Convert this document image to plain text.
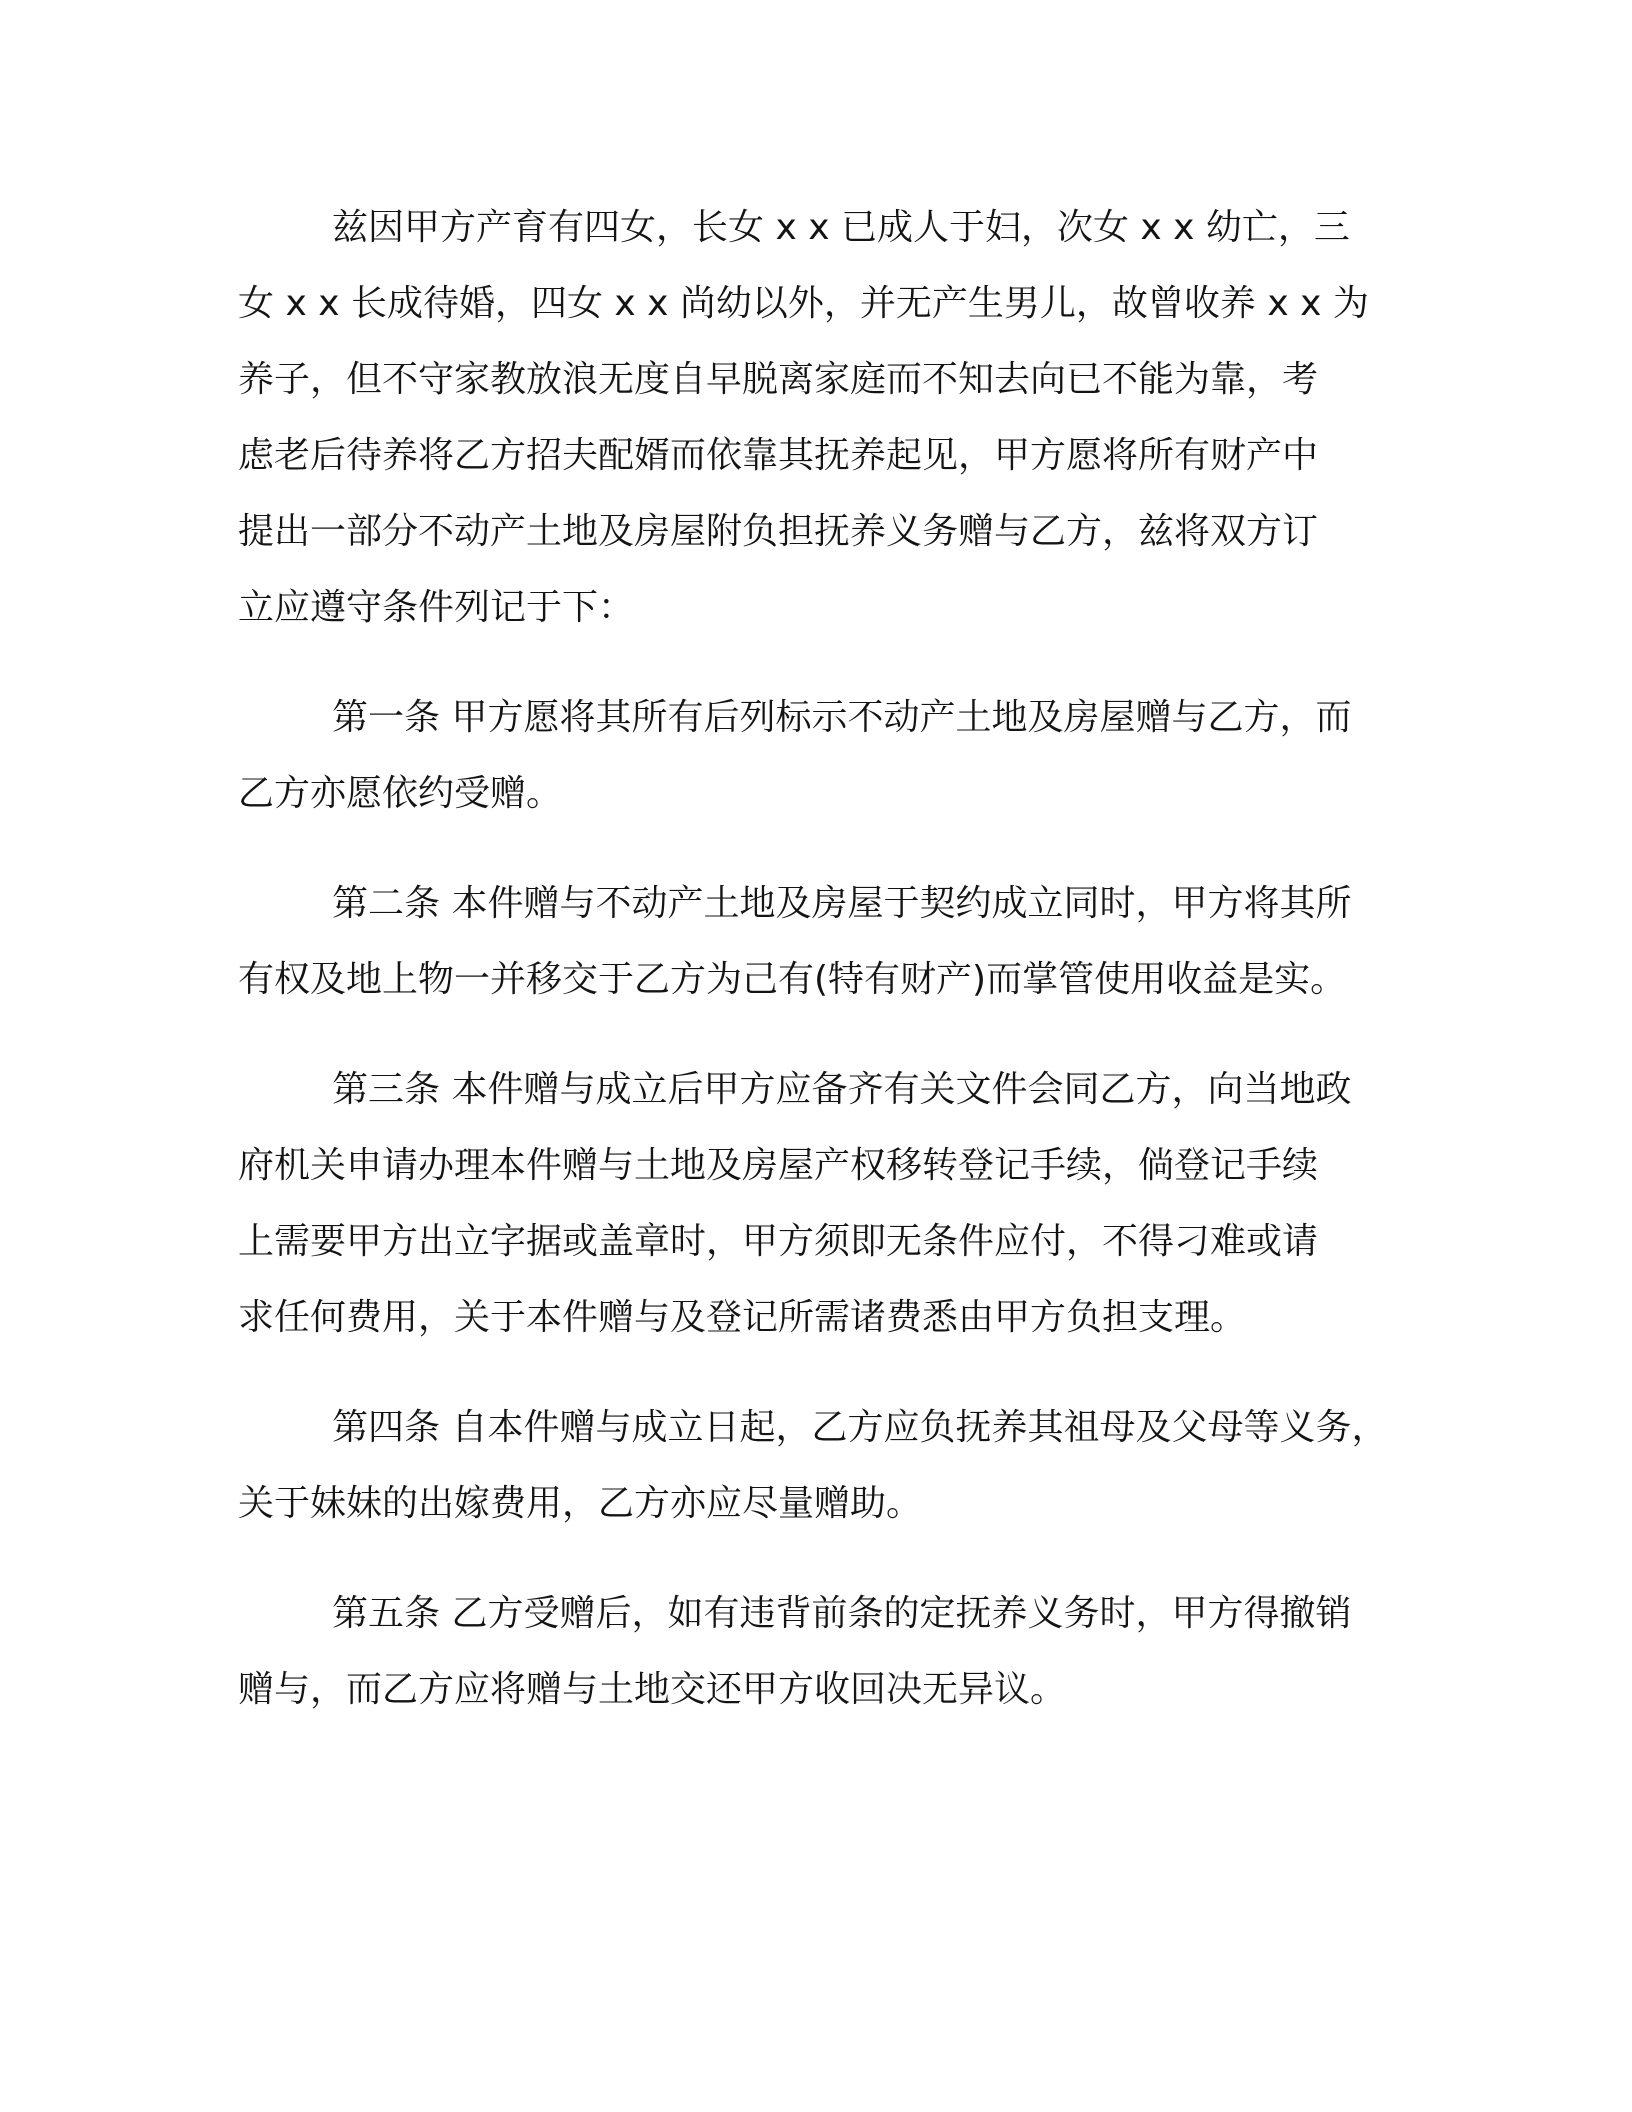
兹因甲方产育有四女，长女 x x 已成人于妇，次女 x x 幼亡，三
女 x x 长成待婚，四女 x x 尚幼以外，并无产生男儿，故曾收养 x x 为
养子，但不守家教放浪无度自早脱离家庭而不知去向已不能为靠，考
虑老后待养将乙方招夫配婿而依靠其抚养起见，甲方愿将所有财产中
提出一部分不动产土地及房屋附负担抚养义务赠与乙方，兹将双方订
立应遵守条件列记于下：

第一条 甲方愿将其所有后列标示不动产土地及房屋赠与乙方，而
乙方亦愿依约受赠。

第二条 本件赠与不动产土地及房屋于契约成立同时，甲方将其所
有权及地上物一并移交于乙方为己有(特有财产)而掌管使用收益是实。

第三条 本件赠与成立后甲方应备齐有关文件会同乙方，向当地政
府机关申请办理本件赠与土地及房屋产权移转登记手续，倘登记手续
上需要甲方出立字据或盖章时，甲方须即无条件应付，不得刁难或请
求任何费用，关于本件赠与及登记所需诸费悉由甲方负担支理。

第四条 自本件赠与成立日起，乙方应负抚养其祖母及父母等义务，
关于妹妹的出嫁费用，乙方亦应尽量赠助。

第五条 乙方受赠后，如有违背前条的定抚养义务时，甲方得撤销
赠与，而乙方应将赠与土地交还甲方收回决无异议。
